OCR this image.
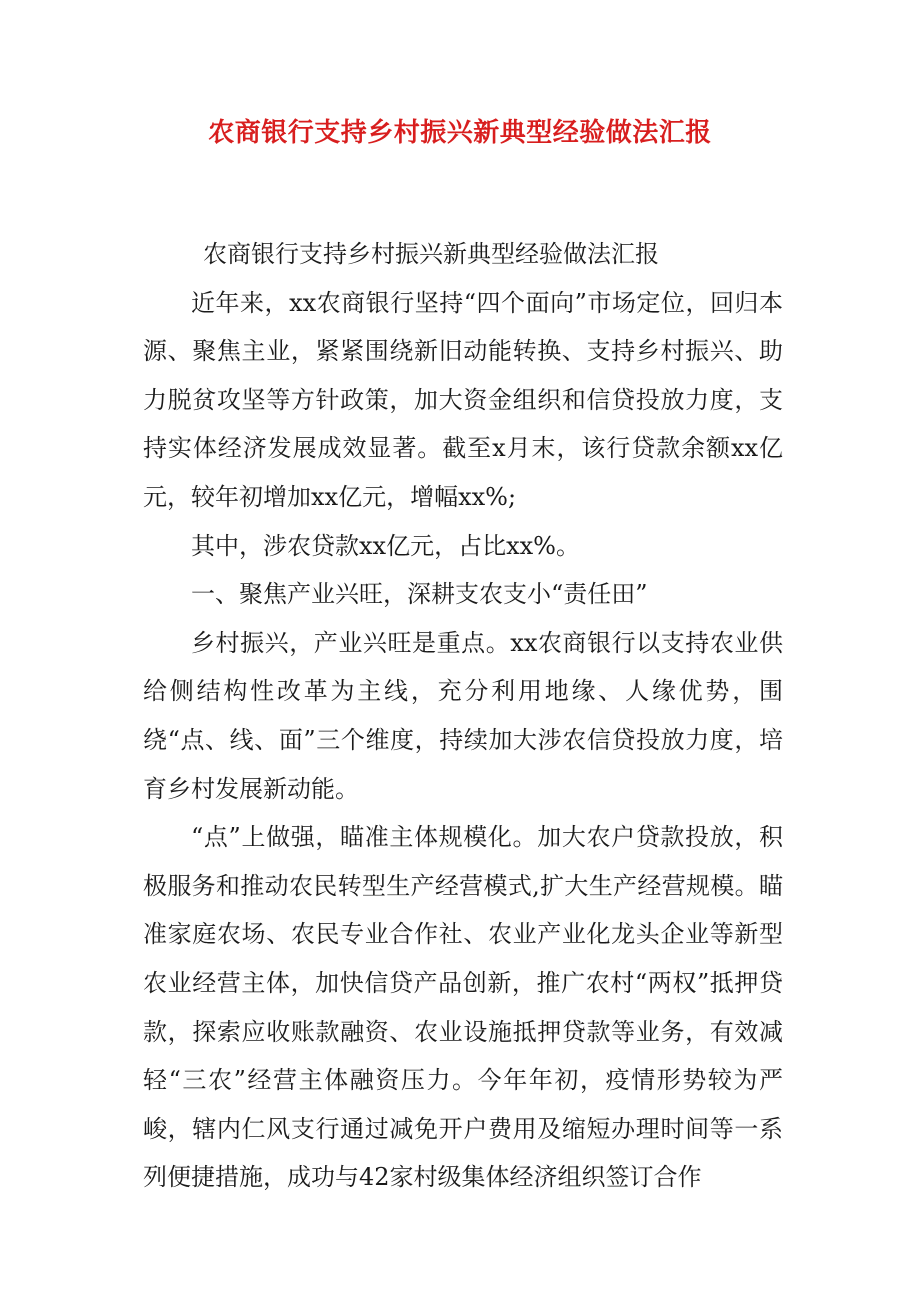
农商银行支持乡村振兴新典型经验做法汇报

农商银行支持乡村振兴新典型经验做法汇报

近年来，xx农商银行坚持“四个面向”市场定位，回归本源、聚焦主业，紧紧围绕新旧动能转换、支持乡村振兴、助力脱贫攻坚等方针政策，加大资金组织和信贷投放力度，支持实体经济发展成效显著。截至x月末，该行贷款余额xx亿元，较年初增加xx亿元，增幅xx%;

其中，涉农贷款xx亿元，占比xx%。

一、聚焦产业兴旺，深耕支农支小“责任田”

乡村振兴，产业兴旺是重点。xx农商银行以支持农业供给侧结构性改革为主线，充分利用地缘、人缘优势，围绕“点、线、面”三个维度，持续加大涉农信贷投放力度，培育乡村发展新动能。

“点”上做强，瞄准主体规模化。加大农户贷款投放，积极服务和推动农民转型生产经营模式,扩大生产经营规模。瞄准家庭农场、农民专业合作社、农业产业化龙头企业等新型农业经营主体，加快信贷产品创新，推广农村“两权”抵押贷款，探索应收账款融资、农业设施抵押贷款等业务，有效减轻“三农”经营主体融资压力。今年年初，疫情形势较为严峻，辖内仁风支行通过减免开户费用及缩短办理时间等一系列便捷措施，成功与42家村级集体经济组织签订合作
